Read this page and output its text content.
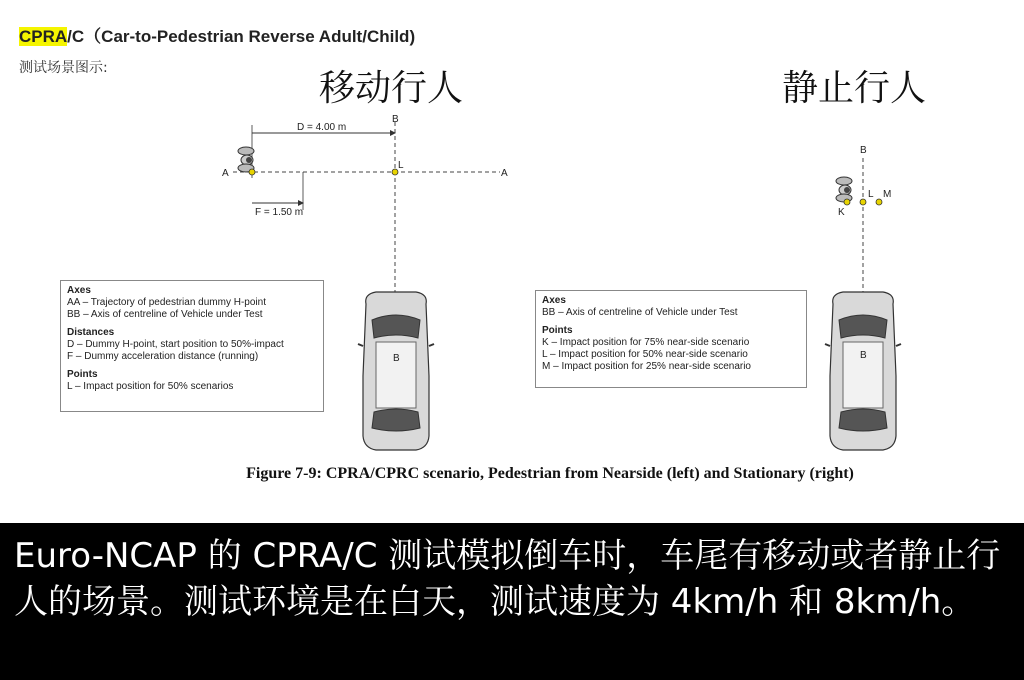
CPRA/C（Car-to-Pedestrian Reverse Adult/Child)
测试场景图示:	移动行人	静止行人
D = 4.00 m
F = 1.50 m
A	A
B
L
B
B
K
L M
B
Axes
AA – Trajectory of pedestrian dummy H-point
BB – Axis of centreline of Vehicle under Test
Distances
D – Dummy H-point, start position to 50%-impact
F – Dummy acceleration distance (running)
Points
L – Impact position for 50% scenarios
Axes
BB – Axis of centreline of Vehicle under Test
Points
K – Impact position for 75% near-side scenario
L – Impact position for 50% near-side scenario
M – Impact position for 25% near-side scenario
Figure 7-9: CPRA/CPRC scenario, Pedestrian from Nearside (left) and Stationary (right)
Euro-NCAP 的 CPRA/C 测试模拟倒车时，车尾有移动或者静止行人的场景。测试环境是在白天，测试速度为 4km/h 和 8km/h。
